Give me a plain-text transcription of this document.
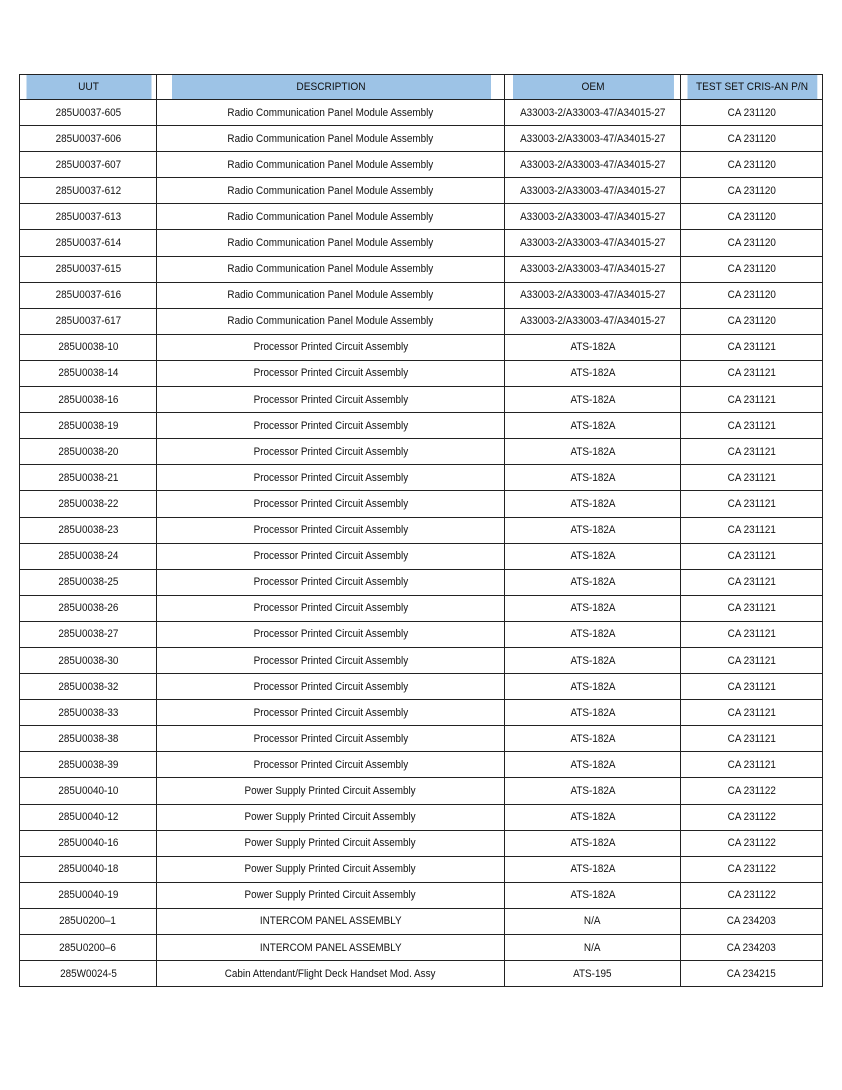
UUT	DESCRIPTION	OEM	TEST SET CRIS-AN P/N
285U0037-605	Radio Communication Panel Module Assembly	A33003-2/A33003-47/A34015-27	CA 231120
285U0037-606	Radio Communication Panel Module Assembly	A33003-2/A33003-47/A34015-27	CA 231120
285U0037-607	Radio Communication Panel Module Assembly	A33003-2/A33003-47/A34015-27	CA 231120
285U0037-612	Radio Communication Panel Module Assembly	A33003-2/A33003-47/A34015-27	CA 231120
285U0037-613	Radio Communication Panel Module Assembly	A33003-2/A33003-47/A34015-27	CA 231120
285U0037-614	Radio Communication Panel Module Assembly	A33003-2/A33003-47/A34015-27	CA 231120
285U0037-615	Radio Communication Panel Module Assembly	A33003-2/A33003-47/A34015-27	CA 231120
285U0037-616	Radio Communication Panel Module Assembly	A33003-2/A33003-47/A34015-27	CA 231120
285U0037-617	Radio Communication Panel Module Assembly	A33003-2/A33003-47/A34015-27	CA 231120
285U0038-10	Processor Printed Circuit Assembly	ATS-182A	CA 231121
285U0038-14	Processor Printed Circuit Assembly	ATS-182A	CA 231121
285U0038-16	Processor Printed Circuit Assembly	ATS-182A	CA 231121
285U0038-19	Processor Printed Circuit Assembly	ATS-182A	CA 231121
285U0038-20	Processor Printed Circuit Assembly	ATS-182A	CA 231121
285U0038-21	Processor Printed Circuit Assembly	ATS-182A	CA 231121
285U0038-22	Processor Printed Circuit Assembly	ATS-182A	CA 231121
285U0038-23	Processor Printed Circuit Assembly	ATS-182A	CA 231121
285U0038-24	Processor Printed Circuit Assembly	ATS-182A	CA 231121
285U0038-25	Processor Printed Circuit Assembly	ATS-182A	CA 231121
285U0038-26	Processor Printed Circuit Assembly	ATS-182A	CA 231121
285U0038-27	Processor Printed Circuit Assembly	ATS-182A	CA 231121
285U0038-30	Processor Printed Circuit Assembly	ATS-182A	CA 231121
285U0038-32	Processor Printed Circuit Assembly	ATS-182A	CA 231121
285U0038-33	Processor Printed Circuit Assembly	ATS-182A	CA 231121
285U0038-38	Processor Printed Circuit Assembly	ATS-182A	CA 231121
285U0038-39	Processor Printed Circuit Assembly	ATS-182A	CA 231121
285U0040-10	Power Supply Printed Circuit Assembly	ATS-182A	CA 231122
285U0040-12	Power Supply Printed Circuit Assembly	ATS-182A	CA 231122
285U0040-16	Power Supply Printed Circuit Assembly	ATS-182A	CA 231122
285U0040-18	Power Supply Printed Circuit Assembly	ATS-182A	CA 231122
285U0040-19	Power Supply Printed Circuit Assembly	ATS-182A	CA 231122
285U0200–1	INTERCOM PANEL ASSEMBLY	N/A	CA 234203
285U0200–6	INTERCOM PANEL ASSEMBLY	N/A	CA 234203
285W0024-5	Cabin Attendant/Flight Deck Handset Mod. Assy	ATS-195	CA 234215
